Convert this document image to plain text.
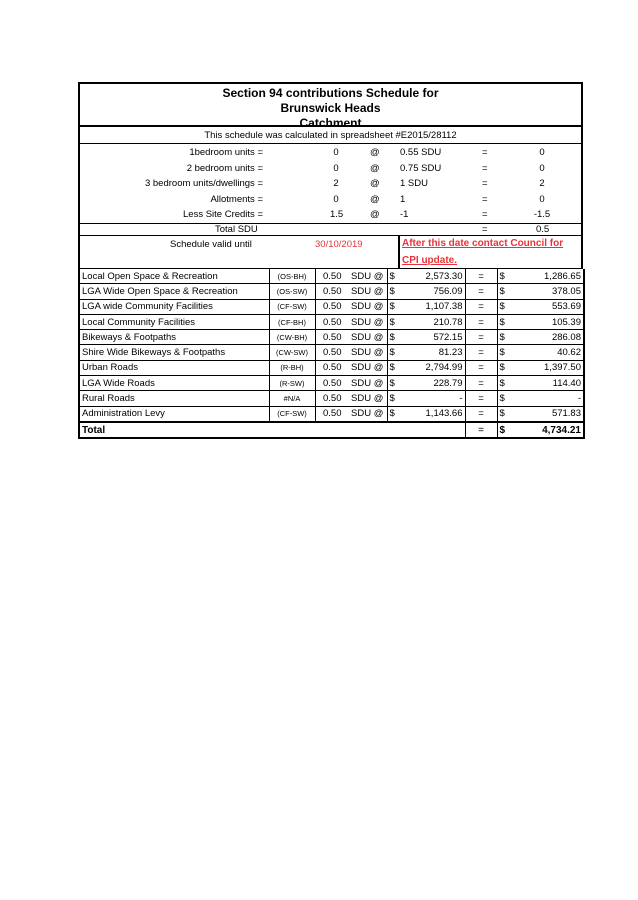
Section 94 contributions Schedule for
Brunswick Heads
Catchment
This schedule was calculated in spreadsheet #E2015/28112
1bedroom units =	0	@ 0.55 SDU	=	0
2 bedroom units =	0	@ 0.75 SDU	=	0
3 bedroom units/dwellings =	2	@ 1 SDU	=	2
Allotments =	0	@ 1	=	0
Less Site Credits =	1.5	@ -1	=	-1.5
Total SDU	=	0.5
Schedule valid until	30/10/2019	After this date contact Council for
CPI update.
Local Open Space & Recreation	(OS-BH)	0.50	SDU @	$	2,573.30	=	$	1,286.65
LGA Wide Open Space & Recreation	(OS-SW)	0.50	SDU @	$	756.09	=	$	378.05
LGA wide Community Facilities	(CF-SW)	0.50	SDU @	$	1,107.38	=	$	553.69
Local Community Facilities	(CF-BH)	0.50	SDU @	$	210.78	=	$	105.39
Bikeways & Footpaths	(CW-BH)	0.50	SDU @	$	572.15	=	$	286.08
Shire Wide Bikeways & Footpaths	(CW-SW)	0.50	SDU @	$	81.23	=	$	40.62
Urban Roads	(R-BH)	0.50	SDU @	$	2,794.99	=	$	1,397.50
LGA Wide Roads	(R-SW)	0.50	SDU @	$	228.79	=	$	114.40
Rural Roads	#N/A	0.50	SDU @	$	-	=	$	-
Administration Levy	(CF-SW)	0.50	SDU @	$	1,143.66	=	$	571.83
Total						=	$	4,734.21
